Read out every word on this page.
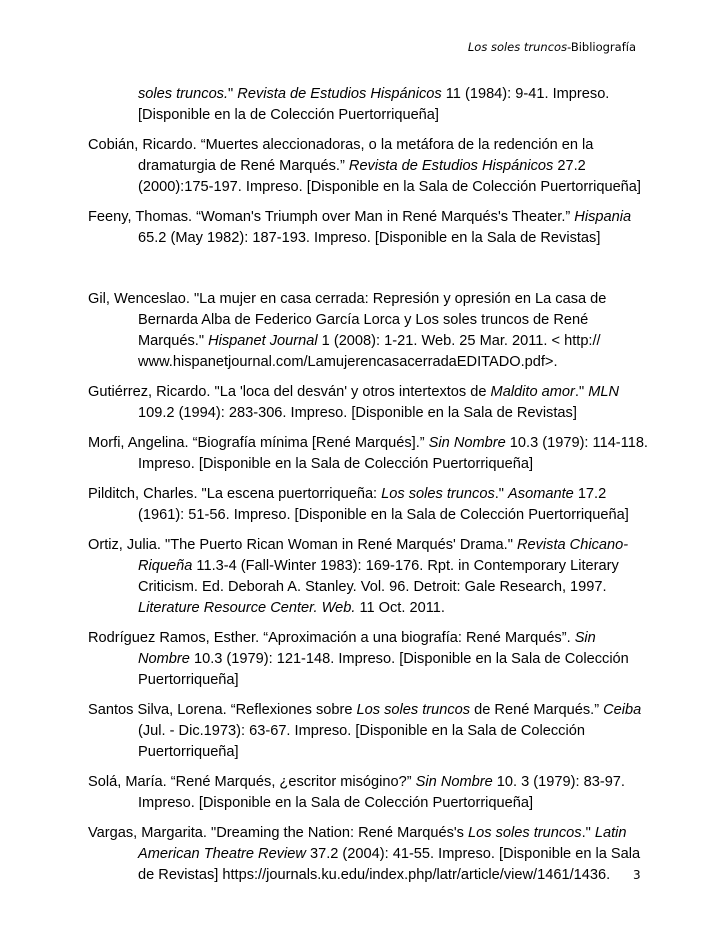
Los soles truncos-Bibliografía

soles truncos." Revista de Estudios Hispánicos 11 (1984): 9-41. Impreso. [Disponible en la de Colección Puertorriqueña]

Cobián, Ricardo. “Muertes aleccionadoras, o la metáfora de la redención en la dramaturgia de René Marqués.” Revista de Estudios Hispánicos 27.2 (2000):175-197. Impreso. [Disponible en la Sala de Colección Puertorriqueña]

Feeny, Thomas. “Woman's Triumph over Man in René Marqués's Theater.” Hispania 65.2 (May 1982): 187-193. Impreso. [Disponible en la Sala de Revistas]

Gil, Wenceslao. "La mujer en casa cerrada: Represión y opresión en La casa de Bernarda Alba de Federico García Lorca y Los soles truncos de René Marqués." Hispanet Journal 1 (2008): 1-21. Web. 25 Mar. 2011. < http:// www.hispanetjournal.com/LamujerencasacerradaEDITADO.pdf>.

Gutiérrez, Ricardo. "La 'loca del desván' y otros intertextos de Maldito amor." MLN 109.2 (1994): 283-306. Impreso. [Disponible en la Sala de Revistas]

Morfi, Angelina. “Biografía mínima [René Marqués].” Sin Nombre 10.3 (1979): 114-118. Impreso. [Disponible en la Sala de Colección Puertorriqueña]

Pilditch, Charles. "La escena puertorriqueña: Los soles truncos." Asomante 17.2 (1961): 51-56. Impreso. [Disponible en la Sala de Colección Puertorriqueña]

Ortiz, Julia. "The Puerto Rican Woman in René Marqués' Drama." Revista Chicano-Riqueña 11.3-4 (Fall-Winter 1983): 169-176. Rpt. in Contemporary Literary Criticism. Ed. Deborah A. Stanley. Vol. 96. Detroit: Gale Research, 1997. Literature Resource Center. Web. 11 Oct. 2011.

Rodríguez Ramos, Esther. “Aproximación a una biografía: René Marqués”. Sin Nombre 10.3 (1979): 121-148. Impreso. [Disponible en la Sala de Colección Puertorriqueña]

Santos Silva, Lorena. “Reflexiones sobre Los soles truncos de René Marqués.” Ceiba (Jul. - Dic.1973): 63-67. Impreso. [Disponible en la Sala de Colección Puertorriqueña]

Solá, María. “René Marqués, ¿escritor misógino?” Sin Nombre 10. 3 (1979): 83-97. Impreso. [Disponible en la Sala de Colección Puertorriqueña]

Vargas, Margarita. "Dreaming the Nation: René Marqués's Los soles truncos." Latin American Theatre Review 37.2 (2004): 41-55. Impreso. [Disponible en la Sala de Revistas] https://journals.ku.edu/index.php/latr/article/view/1461/1436.	3
